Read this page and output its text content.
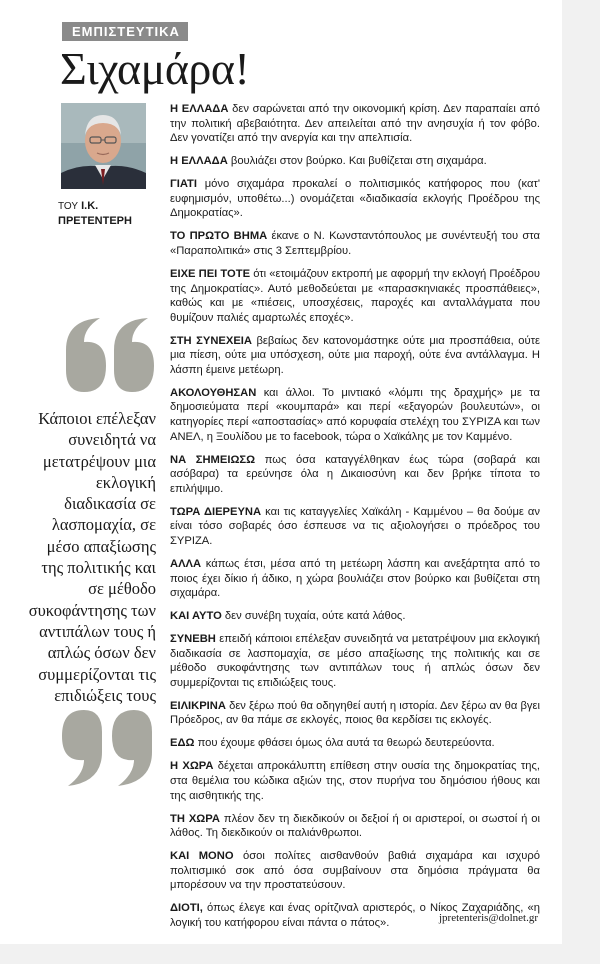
ΕΜΠΙΣΤΕΥΤΙΚΑ
Σιχαμάρα!
ΤΟΥ Ι.Κ.
ΠΡΕΤΕΝΤΕΡΗ
Κάποιοι επέλεξαν συνειδητά να μετατρέψουν μια εκλογική διαδικασία σε λασπομαχία, σε μέσο απαξίωσης της πολιτικής και σε μέθοδο συκοφάντησης των αντιπάλων τους ή απλώς όσων δεν συμμερίζονται τις επιδιώξεις τους

Η ΕΛΛΑΔΑ δεν σαρώνεται από την οικονομική κρίση. Δεν παραπαίει από την πολιτική αβεβαιότητα. Δεν απειλείται από την ανησυχία ή τον φόβο. Δεν γονατίζει από την ανεργία και την απελπισία.

Η ΕΛΛΑΔΑ βουλιάζει στον βούρκο. Και βυθίζεται στη σιχαμάρα.

ΓΙΑΤΙ μόνο σιχαμάρα προκαλεί ο πολιτισμικός κατήφορος που (κατ' ευφημισμόν, υποθέτω...) ονομάζεται «διαδικασία εκλογής Προέδρου της Δημοκρατίας».

ΤΟ ΠΡΩΤΟ ΒΗΜΑ έκανε ο Ν. Κωνσταντόπουλος με συνέντευξή του στα «Παραπολιτικά» στις 3 Σεπτεμβρίου.

ΕΙΧΕ ΠΕΙ ΤΟΤΕ ότι «ετοιμάζουν εκτροπή με αφορμή την εκλογή Προέδρου της Δημοκρατίας». Αυτό μεθοδεύεται με «παρασκηνιακές προσπάθειες», καθώς και με «πιέσεις, υποσχέσεις, παροχές και ανταλλάγματα που θυμίζουν παλιές αμαρτωλές εποχές».

ΣΤΗ ΣΥΝΕΧΕΙΑ βεβαίως δεν κατονομάστηκε ούτε μια προσπάθεια, ούτε μια πίεση, ούτε μια υπόσχεση, ούτε μια παροχή, ούτε ένα αντάλλαγμα. Η λάσπη έμεινε μετέωρη.

ΑΚΟΛΟΥΘΗΣΑΝ και άλλοι. Το μιντιακό «λόμπι της δραχμής» με τα δημοσιεύματα περί «κουμπαρά» και περί «εξαγορών βουλευτών», οι κατηγορίες περί «αποστασίας» από κορυφαία στελέχη του ΣΥΡΙΖΑ και των ΑΝΕΛ, η Ξουλίδου με το facebook, τώρα ο Χαϊκάλης με τον Καμμένο.

ΝΑ ΣΗΜΕΙΩΣΩ πως όσα καταγγέλθηκαν έως τώρα (σοβαρά και ασόβαρα) τα ερεύνησε όλα η Δικαιοσύνη και δεν βρήκε τίποτα το επιλήψιμο.

ΤΩΡΑ ΔΙΕΡΕΥΝΑ και τις καταγγελίες Χαϊκάλη - Καμμένου – θα δούμε αν είναι τόσο σοβαρές όσο έσπευσε να τις αξιολογήσει ο πρόεδρος του ΣΥΡΙΖΑ.

ΑΛΛΑ κάπως έτσι, μέσα από τη μετέωρη λάσπη και ανεξάρτητα από το ποιος έχει δίκιο ή άδικο, η χώρα βουλιάζει στον βούρκο και βυθίζεται στη σιχαμάρα.

ΚΑΙ ΑΥΤΟ δεν συνέβη τυχαία, ούτε κατά λάθος.

ΣΥΝΕΒΗ επειδή κάποιοι επέλεξαν συνειδητά να μετατρέψουν μια εκλογική διαδικασία σε λασπομαχία, σε μέσο απαξίωσης της πολιτικής και σε μέθοδο συκοφάντησης των αντιπάλων τους ή απλώς όσων δεν συμμερίζονται τις επιδιώξεις τους.

ΕΙΛΙΚΡΙΝΑ δεν ξέρω πού θα οδηγηθεί αυτή η ιστορία. Δεν ξέρω αν θα βγει Πρόεδρος, αν θα πάμε σε εκλογές, ποιος θα κερδίσει τις εκλογές.

ΕΔΩ που έχουμε φθάσει όμως όλα αυτά τα θεωρώ δευτερεύοντα.

Η ΧΩΡΑ δέχεται απροκάλυπτη επίθεση στην ουσία της δημοκρατίας της, στα θεμέλια του κώδικα αξιών της, στον πυρήνα του δημόσιου ήθους και της αισθητικής της.

ΤΗ ΧΩΡΑ πλέον δεν τη διεκδικούν οι δεξιοί ή οι αριστεροί, οι σωστοί ή οι λάθος. Τη διεκδικούν οι παλιάνθρωποι.

ΚΑΙ ΜΟΝΟ όσοι πολίτες αισθανθούν βαθιά σιχαμάρα και ισχυρό πολιτισμικό σοκ από όσα συμβαίνουν στα δημόσια πράγματα θα μπορέσουν να την προστατεύσουν.

ΔΙΟΤΙ, όπως έλεγε και ένας ορίτζιναλ αριστερός, ο Νίκος Ζαχαριάδης, «η λογική του κατήφορου είναι πάντα ο πάτος».	jpretenteris@dolnet.gr
